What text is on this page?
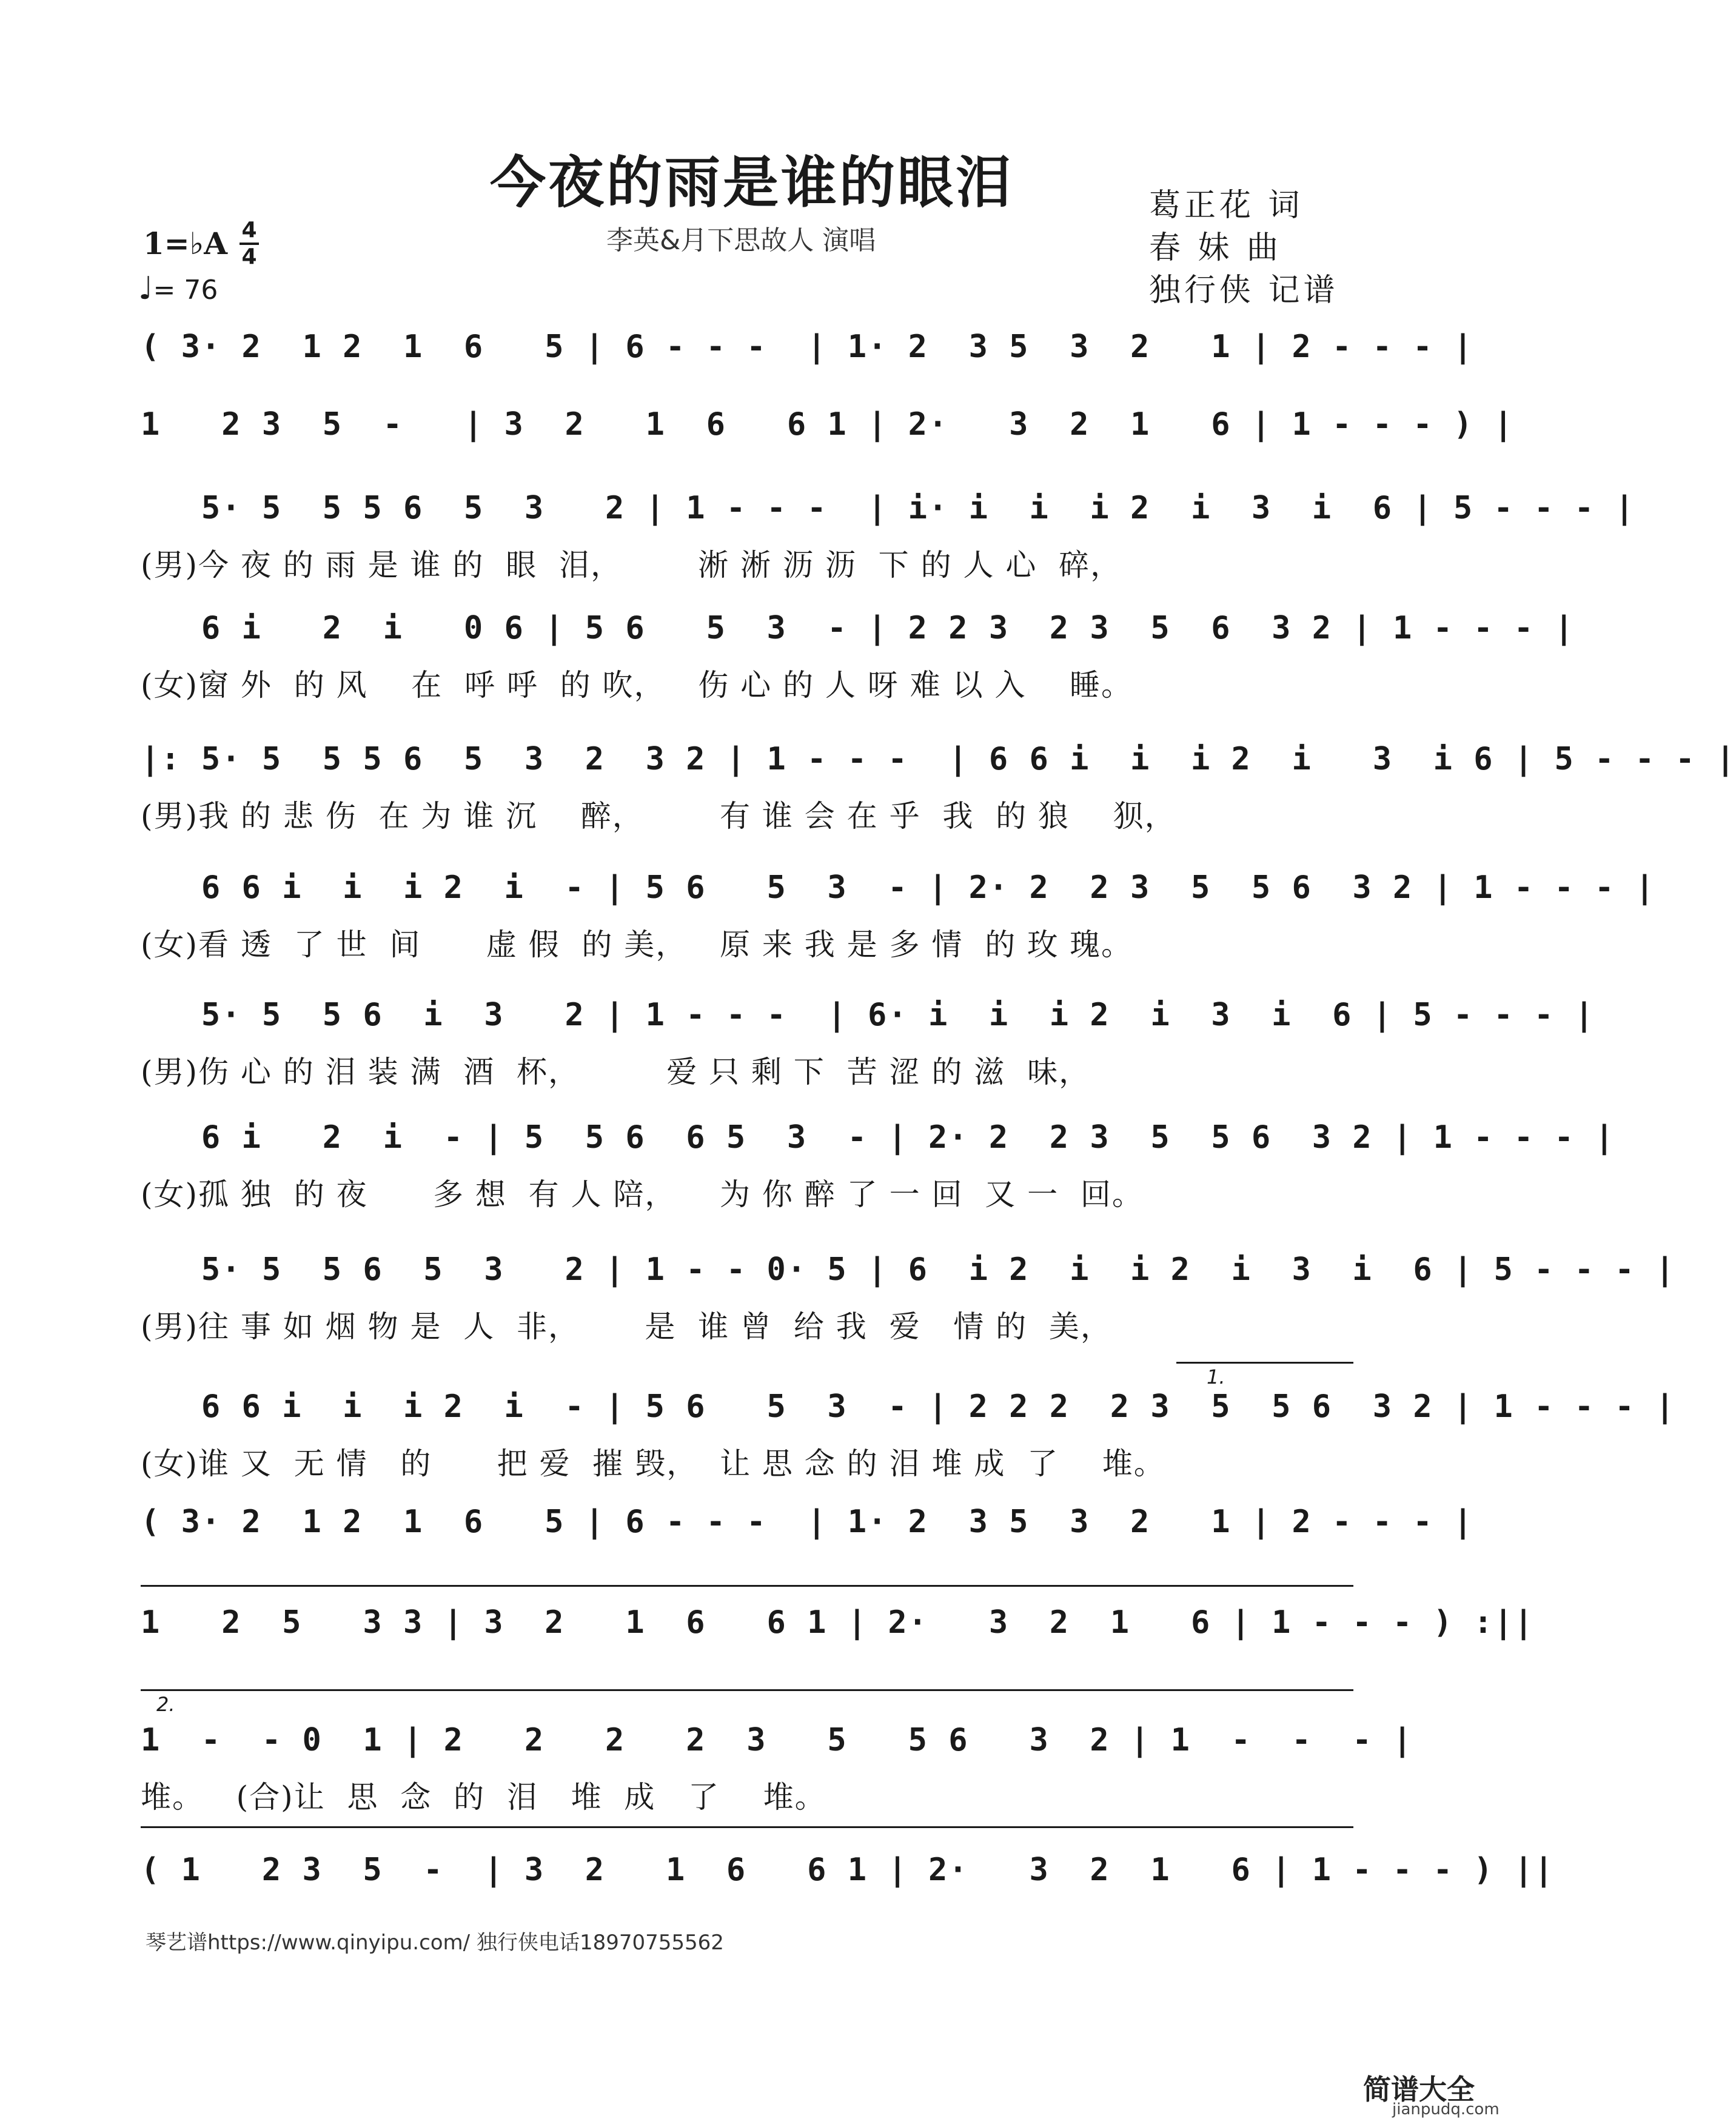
今夜的雨是谁的眼泪
李英&月下思故人 演唱
葛正花 词
春 妹 曲
独行侠 记谱
1=♭A 4
4
♩= 76
( 3· 2  1 2  1  6   5 | 6 - - -  | 1· 2  3 5  3  2   1 | 2 - - - |
1   2 3  5  -   | 3  2   1  6   6 1 | 2·   3  2  1   6 | 1 - - - ) |
5· 5  5 5 6  5  3   2 | 1 - - -  | i· i  i  i 2  i  3  i  6 | 5 - - - |
(男)今 夜 的 雨 是 谁 的  眼  泪，       淅 淅 沥 沥  下 的 人 心  碎，
6 i   2  i   0 6 | 5 6   5  3  - | 2 2 3  2 3  5  6  3 2 | 1 - - - |
(女)窗 外  的 风    在  呼 呼  的 吹，   伤 心 的 人 呀 难 以 入    睡。
|: 5· 5  5 5 6  5  3  2  3 2 | 1 - - -  | 6 6 i  i  i 2  i   3  i 6 | 5 - - - |
(男)我 的 悲 伤  在 为 谁 沉    醉，       有 谁 会 在 乎  我  的 狼    狈，
6 6 i  i  i 2  i  - | 5 6   5  3  - | 2· 2  2 3  5  5 6  3 2 | 1 - - - |
(女)看 透  了 世  间      虚 假  的 美，   原 来 我 是 多 情  的 玫 瑰。
5· 5  5 6  i  3   2 | 1 - - -  | 6· i  i  i 2  i  3  i  6 | 5 - - - |
(男)伤 心 的 泪 装 满  酒  杯，        爱 只 剩 下  苦 涩 的 滋  味，
6 i   2  i  - | 5  5 6  6 5  3  - | 2· 2  2 3  5  5 6  3 2 | 1 - - - |
(女)孤 独  的 夜      多 想  有 人 陪，    为 你 醉 了 一 回  又 一  回。
5· 5  5 6  5  3   2 | 1 - - 0· 5 | 6  i 2  i  i 2  i  3  i  6 | 5 - - - |
(男)往 事 如 烟 物 是  人  非，      是  谁 曾  给 我  爱   情 的  美，
1.
6 6 i  i  i 2  i  - | 5 6   5  3  - | 2 2 2  2 3  5  5 6  3 2 | 1 - - - |
(女)谁 又  无 情   的      把 爱  摧 毁，  让 思 念 的 泪 堆 成  了    堆。
( 3· 2  1 2  1  6   5 | 6 - - -  | 1· 2  3 5  3  2   1 | 2 - - - |
1   2  5   3 3 | 3  2   1  6   6 1 | 2·   3  2  1   6 | 1 - - - ) :||
2.
1  -  - 0  1 | 2   2   2   2  3   5   5 6   3  2 | 1  -  -  - |
堆。   (合)让  思  念  的  泪   堆  成   了    堆。
( 1   2 3  5  -  | 3  2   1  6   6 1 | 2·   3  2  1   6 | 1 - - - ) ||
琴艺谱https://www.qinyipu.com/ 独行侠电话18970755562
简谱大全
jianpudq.com
